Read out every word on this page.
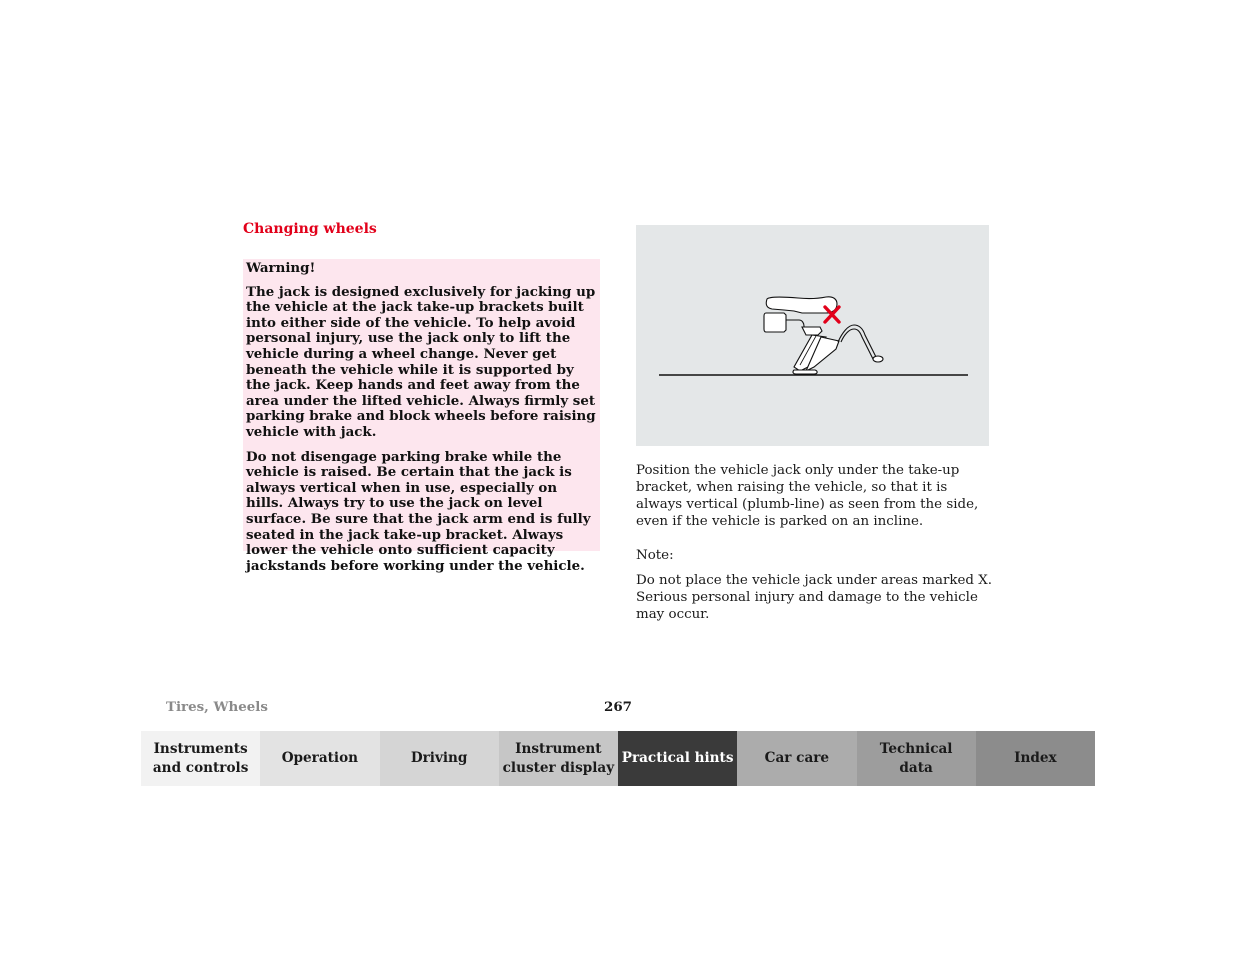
Changing wheels

Warning!

The jack is designed exclusively for jacking up the vehicle at the jack take-up brackets built into either side of the vehicle. To help avoid personal injury, use the jack only to lift the vehicle during a wheel change. Never get beneath the vehicle while it is supported by the jack. Keep hands and feet away from the area under the lifted vehicle. Always firmly set parking brake and block wheels before raising vehicle with jack.

Do not disengage parking brake while the vehicle is raised. Be certain that the jack is always vertical when in use, especially on hills. Always try to use the jack on level surface. Be sure that the jack arm end is fully seated in the jack take-up bracket. Always lower the vehicle onto sufficient capacity jackstands before working under the vehicle.

Position the vehicle jack only under the take-up bracket, when raising the vehicle, so that it is always vertical (plumb-line) as seen from the side, even if the vehicle is parked on an incline.

Note:

Do not place the vehicle jack under areas marked X. Serious personal injury and damage to the vehicle may occur.

Tires, Wheels	267
Instruments
and controls
Operation	Driving
Instrument
cluster display
Practical hints	Car care
Technical
data
Index
